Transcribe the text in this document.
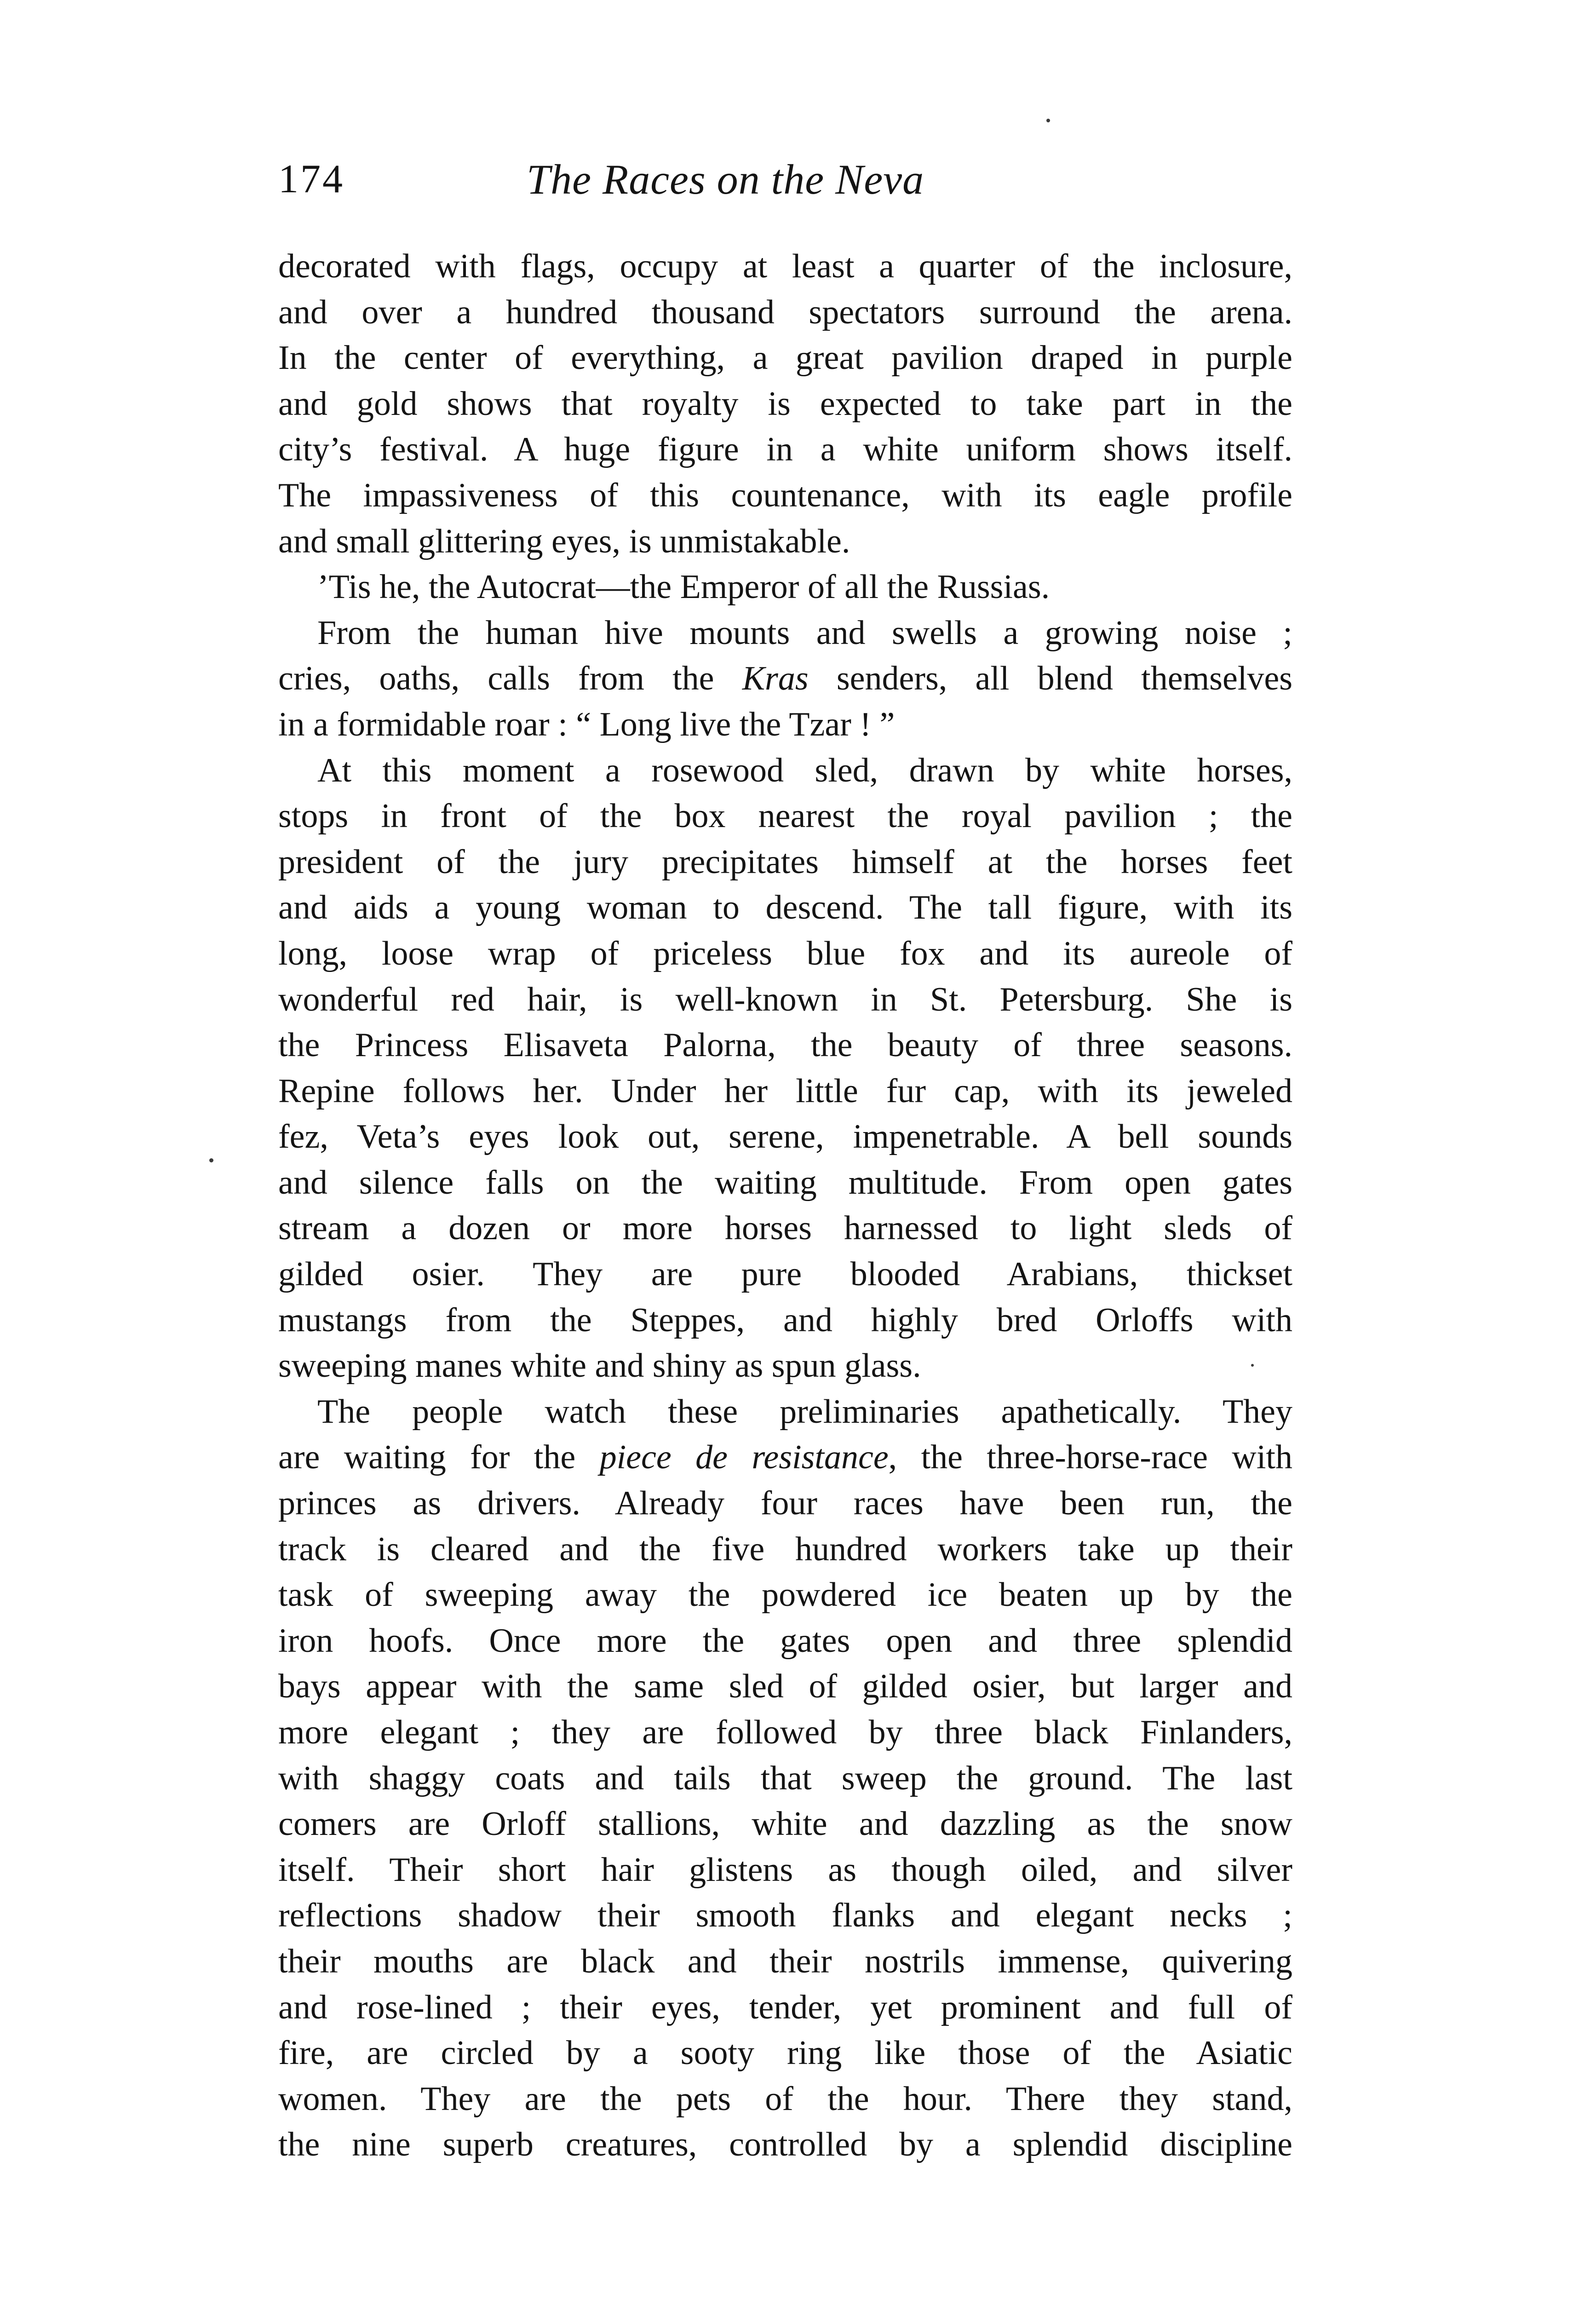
174	The Races on the Neva
decorated with flags, occupy at least a quarter of the inclosure,
and over a hundred thousand spectators surround the arena.
In the center of everything, a great pavilion draped in purple
and gold shows that royalty is expected to take part in the
city’s festival. A huge figure in a white uniform shows itself.
The impassiveness of this countenance, with its eagle profile
and small glittering eyes, is unmistakable.
’Tis he, the Autocrat—the Emperor of all the Russias.
From the human hive mounts and swells a growing noise ;
cries, oaths, calls from the Kras senders, all blend themselves
in a formidable roar : “ Long live the Tzar ! ”
At this moment a rosewood sled, drawn by white horses,
stops in front of the box nearest the royal pavilion ; the
president of the jury precipitates himself at the horses feet
and aids a young woman to descend. The tall figure, with its
long, loose wrap of priceless blue fox and its aureole of
wonderful red hair, is well-known in St. Petersburg. She is
the Princess Elisaveta Palorna, the beauty of three seasons.
Repine follows her. Under her little fur cap, with its jeweled
fez, Veta’s eyes look out, serene, impenetrable. A bell sounds
and silence falls on the waiting multitude. From open gates
stream a dozen or more horses harnessed to light sleds of
gilded osier. They are pure blooded Arabians, thickset
mustangs from the Steppes, and highly bred Orloffs with
sweeping manes white and shiny as spun glass.
The people watch these preliminaries apathetically. They
are waiting for the piece de resistance, the three-horse-race with
princes as drivers. Already four races have been run, the
track is cleared and the five hundred workers take up their
task of sweeping away the powdered ice beaten up by the
iron hoofs. Once more the gates open and three splendid
bays appear with the same sled of gilded osier, but larger and
more elegant ; they are followed by three black Finlanders,
with shaggy coats and tails that sweep the ground. The last
comers are Orloff stallions, white and dazzling as the snow
itself. Their short hair glistens as though oiled, and silver
reflections shadow their smooth flanks and elegant necks ;
their mouths are black and their nostrils immense, quivering
and rose-lined ; their eyes, tender, yet prominent and full of
fire, are circled by a sooty ring like those of the Asiatic
women. They are the pets of the hour. There they stand,
the nine superb creatures, controlled by a splendid discipline
